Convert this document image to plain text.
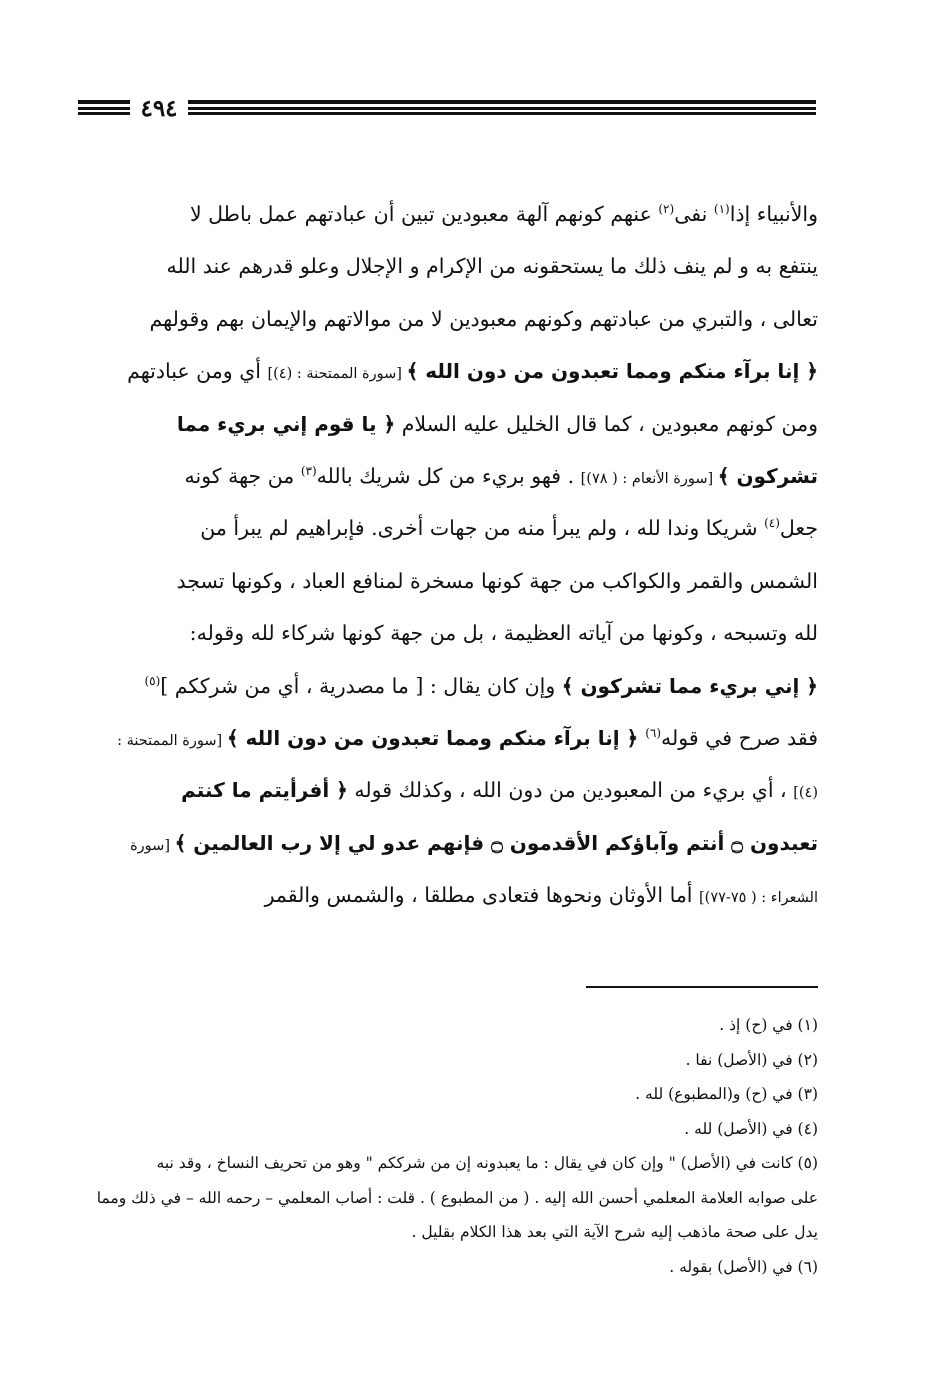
٤٩٤
والأنبياء إذا$^{(١)}$ نفى$^{(٢)}$ عنهم كونهم آلهة معبودين تبين أن عبادتهم عمل باطل لا
ينتفع به و لم ينف ذلك ما يستحقونه من الإكرام و الإجلال وعلو قدرهم عند الله
تعالى ، والتبري من عبادتهم وكونهم معبودين لا من موالاتهم والإيمان بهم وقولهم
﴿ إنا برآء منكم ومما تعبدون من دون الله ﴾ [سورة الممتحنة : (٤)] أي ومن عبادتهم
ومن كونهم معبودين ، كما قال الخليل عليه السلام ﴿ يا قوم إني بريء مما
تشركون ﴾ [سورة الأنعام : ( ٧٨)] . فهو بريء من كل شريك بالله$^{(٣)}$ من جهة كونه
جعل$^{(٤)}$ شريكا وندا لله ، ولم يبرأ منه من جهات أخرى. فإبراهيم لم يبرأ من
الشمس والقمر والكواكب من جهة كونها مسخرة لمنافع العباد ، وكونها تسجد
لله وتسبحه ، وكونها من آياته العظيمة ، بل من جهة كونها شركاء لله وقوله:
﴿ إني بريء مما تشركون ﴾ وإن كان يقال : [ ما مصدرية ، أي من شرككم ]$^{(٥)}$
فقد صرح في قوله$^{(٦)}$ ﴿ إنا برآء منكم ومما تعبدون من دون الله ﴾ [سورة الممتحنة :
(٤)] ، أي بريء من المعبودين من دون الله ، وكذلك قوله ﴿ أفرأيتم ما كنتم
تعبدون ۝ أنتم وآباؤكم الأقدمون ۝ فإنهم عدو لي إلا رب العالمين ﴾ [سورة
الشعراء : ( ٧٥-٧٧)] أما الأوثان ونحوها فتعادى مطلقا ، والشمس والقمر
(١) في (ح) إذ .
(٢) في (الأصل) نفا .
(٣) في (ح) و(المطبوع) لله .
(٤) في (الأصل) لله .
(٥) كانت في (الأصل) " وإن كان في يقال : ما يعبدونه إن من شرككم " وهو من تحريف النساخ ، وقد نبه
على صوابه العلامة المعلمي أحسن الله إليه . ( من المطبوع ) . قلت : أصاب المعلمي – رحمه الله – في ذلك ومما
يدل على صحة ماذهب إليه شرح الآية التي بعد هذا الكلام بقليل .
(٦) في (الأصل) بقوله .
